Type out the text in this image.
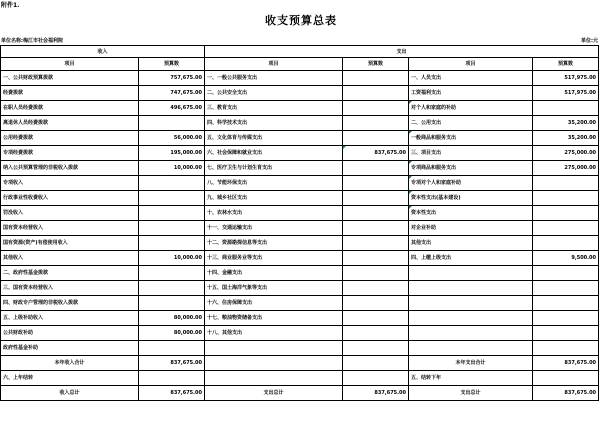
附件1.
收支预算总表
单位名称:梅江市社会福利院	单位:元
收入		支出			
项目	预算数	项目	预算数	项目	预算数
一、公共财政预算拨款	757,675.00	一、一般公共服务支出		一、人员支出	517,975.00
经费拨款	747,675.00	二、公共安全支出		工资福利支出	517,975.00
在职人员经费拨款	496,675.00	三、教育支出		对个人和家庭的补助	
离退休人员经费拨款		四、科学技术支出		二、公用支出	35,200.00
公用经费拨款	56,000.00	五、文化体育与传媒支出		一般商品和服务支出	35,200.00
专项经费拨款	195,000.00	六、社会保障和就业支出	837,675.00	三、项目支出	275,000.00
纳入公共预算管理的非税收入拨款	10,000.00	七、医疗卫生与计划生育支出		专项商品和服务支出	275,000.00
专项收入		八、节能环保支出		专项对个人和家庭补助	
行政事业性收费收入		九、城乡社区支出		资本性支出(基本建设)	
罚没收入		十、农林水支出		资本性支出	
国有资本经营收入		十一、交通运输支出		对企业补助	
国有资源(资产)有偿使用收入		十二、资源勘探信息等支出		其他支出	
其他收入	10,000.00	十三、商业服务业等支出		四、上缴上级支出	9,500.00
二、政府性基金拨款		十四、金融支出			
三、国有资本经营收入		十五、国土海洋气象等支出			
四、财政专户管理的非税收入拨款		十六、住房保障支出			
五、上级补助收入	80,000.00	十七、粮油物资储备支出			
公共财政补助	80,000.00	十八、其他支出			
政府性基金补助					
本年收入合计	837,675.00			本年支出合计	837,675.00
六、上年结转				五、结转下年	
收入总计	837,675.00	支出总计	837,675.00	支出总计	837,675.00
